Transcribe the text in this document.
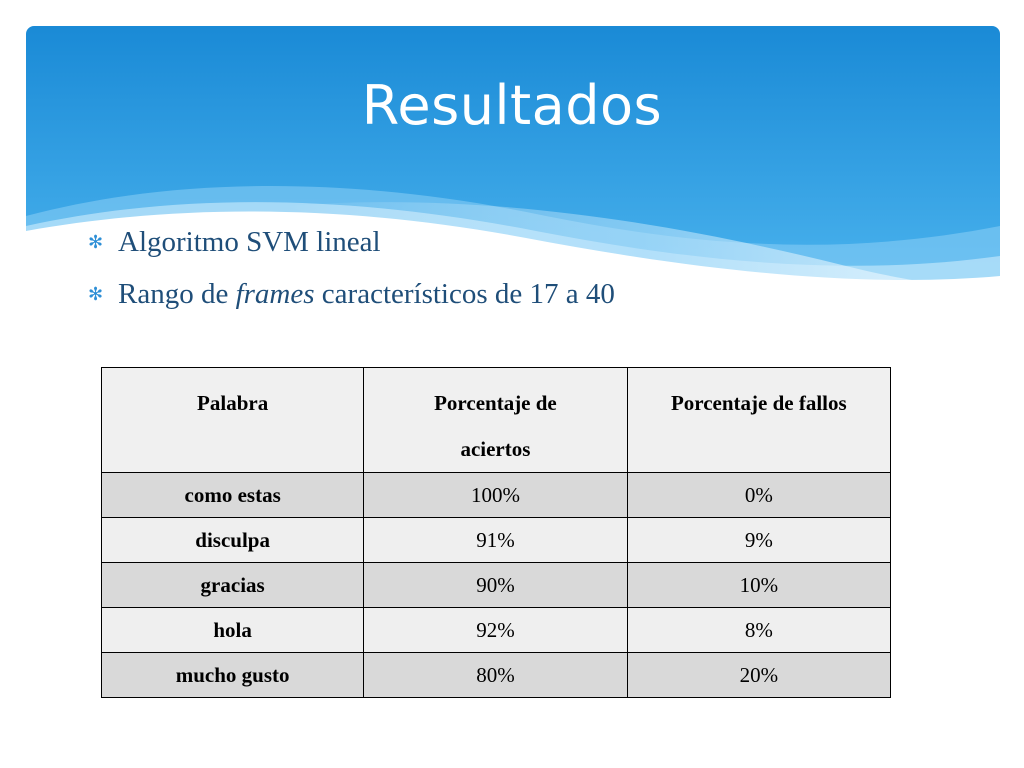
Resultados
✻ Algoritmo SVM lineal
✻ Rango de frames característicos de 17 a 40
Palabra	Porcentaje de aciertos	Porcentaje de fallos
como estas	100%	0%
disculpa	91%	9%
gracias	90%	10%
hola	92%	8%
mucho gusto	80%	20%
